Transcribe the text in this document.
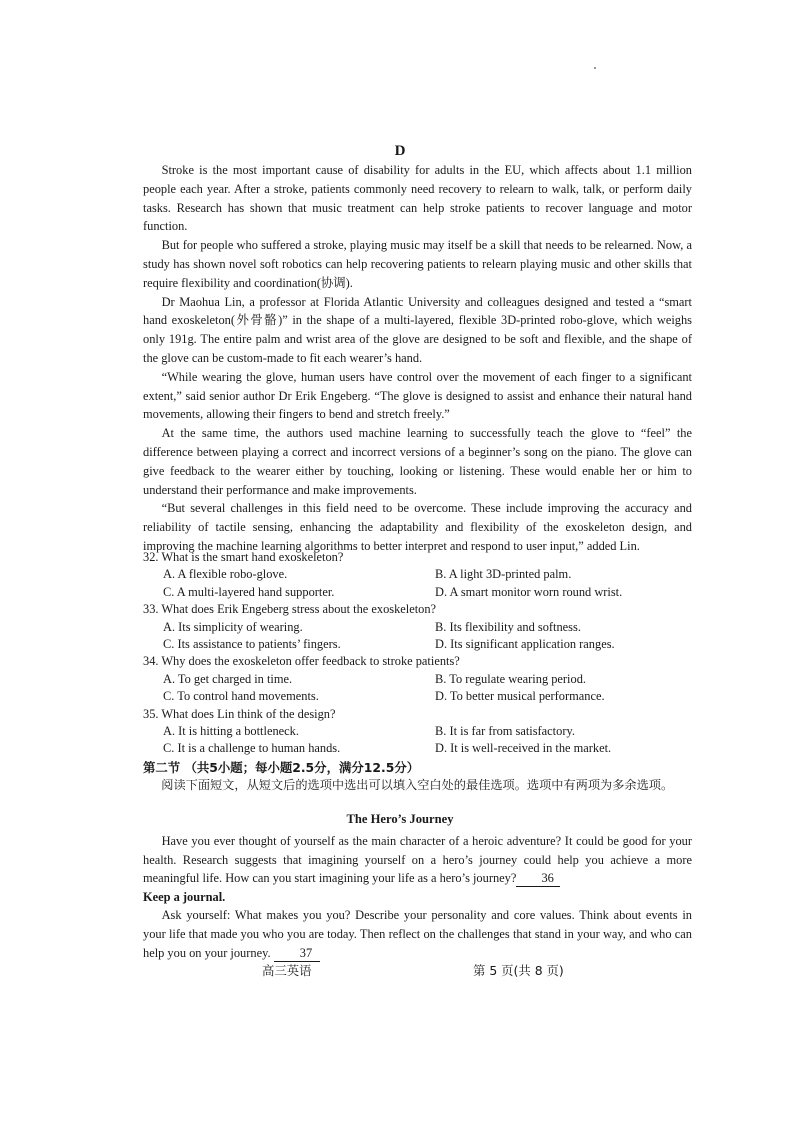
D

Stroke is the most important cause of disability for adults in the EU, which affects about 1.1 million people each year. After a stroke, patients commonly need recovery to relearn to walk, talk, or perform daily tasks. Research has shown that music treatment can help stroke patients to recover language and motor function.

But for people who suffered a stroke, playing music may itself be a skill that needs to be relearned. Now, a study has shown novel soft robotics can help recovering patients to relearn playing music and other skills that require flexibility and coordination(协调).

Dr Maohua Lin, a professor at Florida Atlantic University and colleagues designed and tested a “smart hand exoskeleton(外骨骼)” in the shape of a multi-layered, flexible 3D-printed robo-glove, which weighs only 191g. The entire palm and wrist area of the glove are designed to be soft and flexible, and the shape of the glove can be custom-made to fit each wearer’s hand.

“While wearing the glove, human users have control over the movement of each finger to a significant extent,” said senior author Dr Erik Engeberg. “The glove is designed to assist and enhance their natural hand movements, allowing their fingers to bend and stretch freely.”

At the same time, the authors used machine learning to successfully teach the glove to “feel” the difference between playing a correct and incorrect versions of a beginner’s song on the piano. The glove can give feedback to the wearer either by touching, looking or listening. These would enable her or him to understand their performance and make improvements.

“But several challenges in this field need to be overcome. These include improving the accuracy and reliability of tactile sensing, enhancing the adaptability and flexibility of the exoskeleton design, and improving the machine learning algorithms to better interpret and respond to user input,” added Lin.

32. What is the smart hand exoskeleton?
A. A flexible robo-glove.	B. A light 3D-printed palm.
C. A multi-layered hand supporter.	D. A smart monitor worn round wrist.
33. What does Erik Engeberg stress about the exoskeleton?
A. Its simplicity of wearing.	B. Its flexibility and softness.
C. Its assistance to patients’ fingers.	D. Its significant application ranges.
34. Why does the exoskeleton offer feedback to stroke patients?
A. To get charged in time.	B. To regulate wearing period.
C. To control hand movements.	D. To better musical performance.
35. What does Lin think of the design?
A. It is hitting a bottleneck.	B. It is far from satisfactory.
C. It is a challenge to human hands.	D. It is well-received in the market.
第二节 （共5小题；每小题2.5分，满分12.5分）
阅读下面短文，从短文后的选项中选出可以填入空白处的最佳选项。选项中有两项为多余选项。
The Hero’s Journey

Have you ever thought of yourself as the main character of a heroic adventure? It could be good for your health. Research suggests that imagining yourself on a hero’s journey could help you achieve a more meaningful life. How can you start imagining your life as a hero’s journey? 36

Keep a journal.

Ask yourself: What makes you you? Describe your personality and core values. Think about events in your life that made you who you are today. Then reflect on the challenges that stand in your way, and who can help you on your journey. 37

高三英语	第 5 页(共 8 页)
